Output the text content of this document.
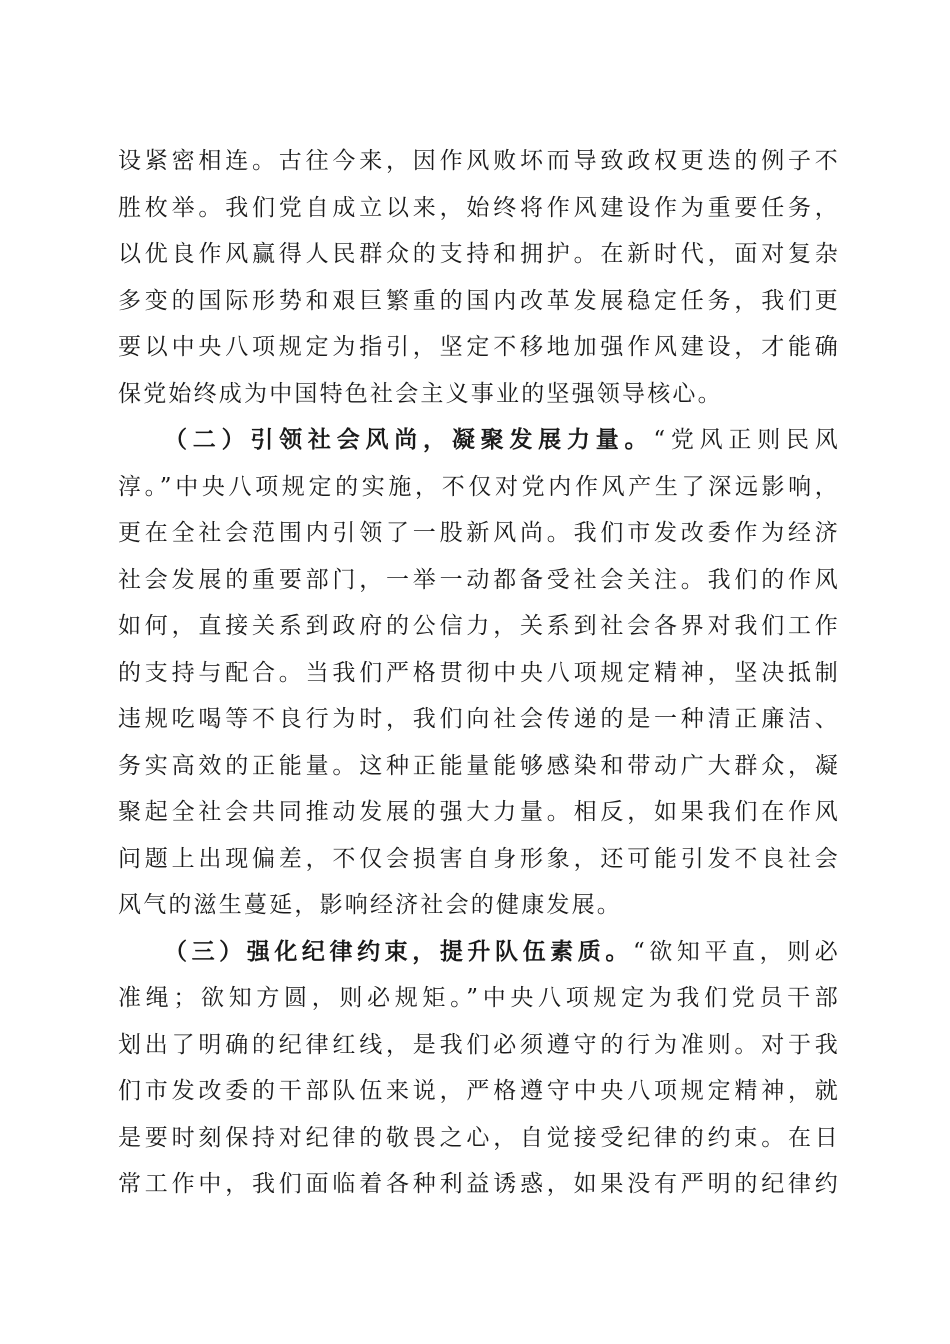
设紧密相连。古往今来，因作风败坏而导致政权更迭的例子不
胜枚举。我们党自成立以来，始终将作风建设作为重要任务，
以优良作风赢得人民群众的支持和拥护。在新时代，面对复杂
多变的国际形势和艰巨繁重的国内改革发展稳定任务，我们更
要以中央八项规定为指引，坚定不移地加强作风建设，才能确
保党始终成为中国特色社会主义事业的坚强领导核心。
（二）引领社会风尚，凝聚发展力量。“党风正则民风
淳。”中央八项规定的实施，不仅对党内作风产生了深远影响，
更在全社会范围内引领了一股新风尚。我们市发改委作为经济
社会发展的重要部门，一举一动都备受社会关注。我们的作风
如何，直接关系到政府的公信力，关系到社会各界对我们工作
的支持与配合。当我们严格贯彻中央八项规定精神，坚决抵制
违规吃喝等不良行为时，我们向社会传递的是一种清正廉洁、
务实高效的正能量。这种正能量能够感染和带动广大群众，凝
聚起全社会共同推动发展的强大力量。相反，如果我们在作风
问题上出现偏差，不仅会损害自身形象，还可能引发不良社会
风气的滋生蔓延，影响经济社会的健康发展。
（三）强化纪律约束，提升队伍素质。“欲知平直，则必
准绳；欲知方圆，则必规矩。”中央八项规定为我们党员干部
划出了明确的纪律红线，是我们必须遵守的行为准则。对于我
们市发改委的干部队伍来说，严格遵守中央八项规定精神，就
是要时刻保持对纪律的敬畏之心，自觉接受纪律的约束。在日
常工作中，我们面临着各种利益诱惑，如果没有严明的纪律约
